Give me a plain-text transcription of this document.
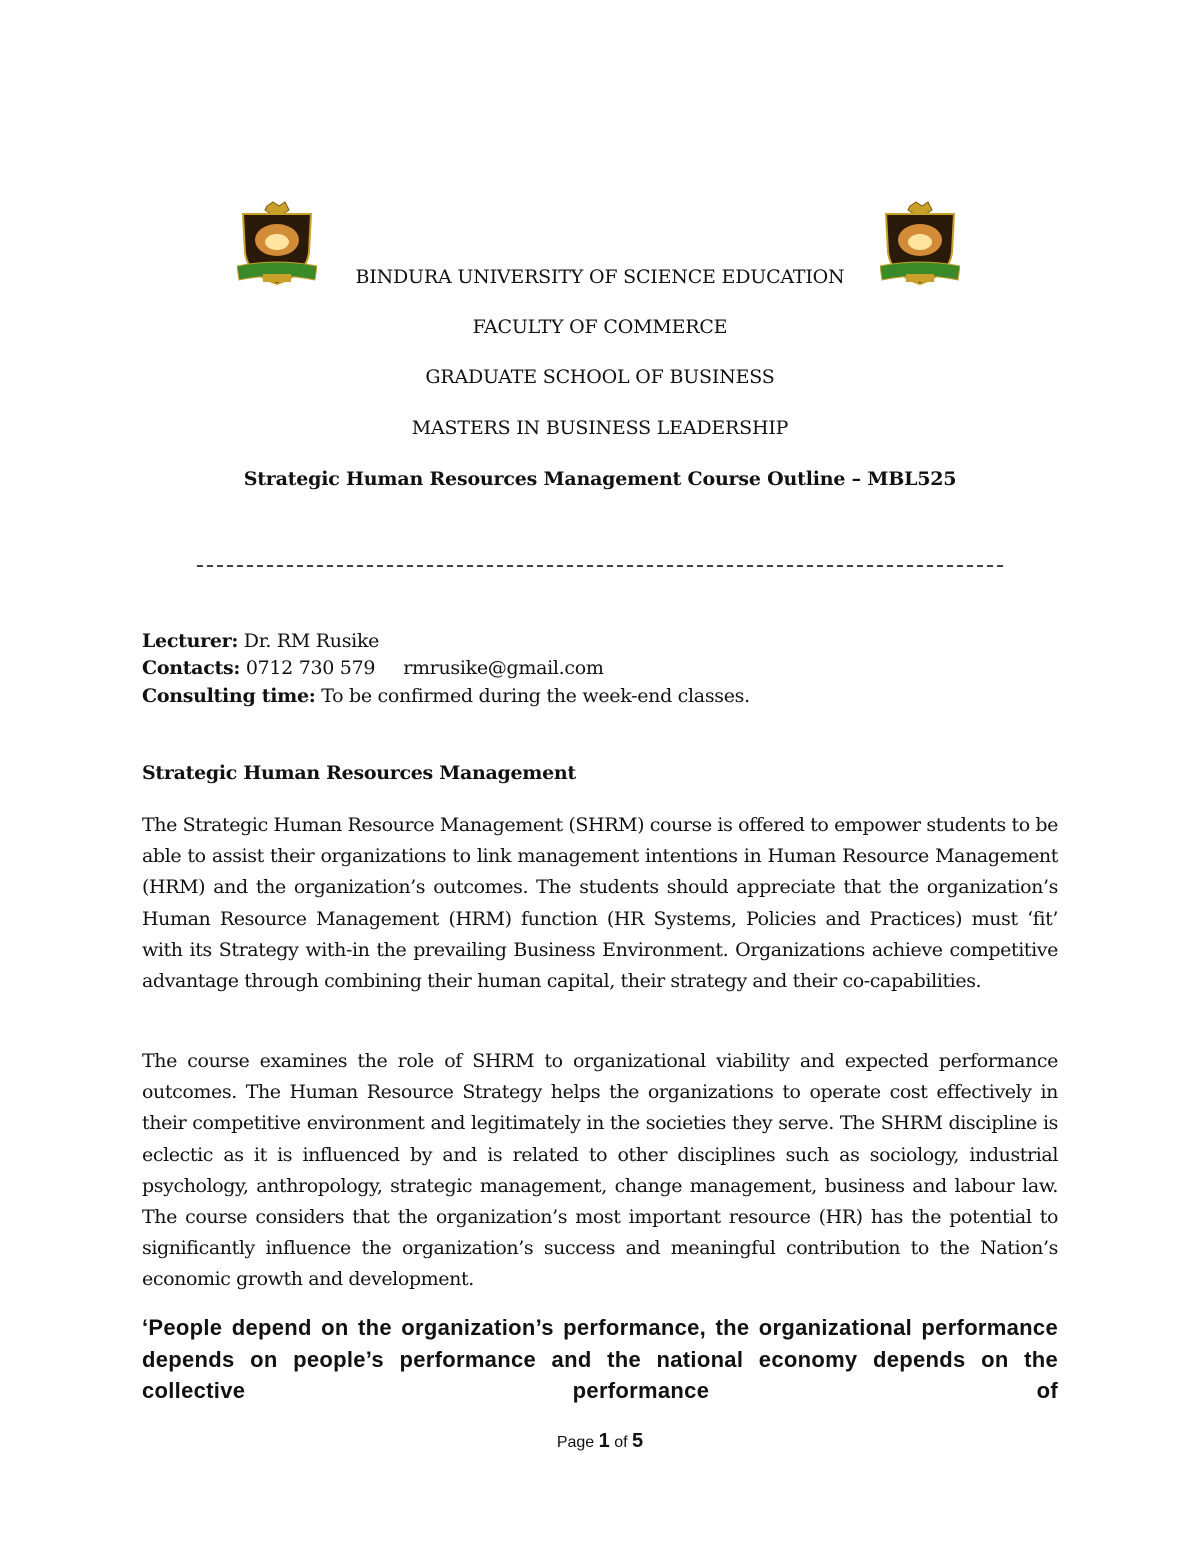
BINDURA UNIVERSITY OF SCIENCE EDUCATION
FACULTY OF COMMERCE
GRADUATE SCHOOL OF BUSINESS
MASTERS IN BUSINESS LEADERSHIP
Strategic Human Resources Management Course Outline – MBL525
Lecturer: Dr. RM Rusike
Contacts: 0712 730 579 rmrusike@gmail.com
Consulting time: To be confirmed during the week-end classes.
Strategic Human Resources Management

The Strategic Human Resource Management (SHRM) course is offered to empower students to be able to assist their organizations to link management intentions in Human Resource Management (HRM) and the organization’s outcomes. The students should appreciate that the organization’s Human Resource Management (HRM) function (HR Systems, Policies and Practices) must ‘fit’ with its Strategy with-in the prevailing Business Environment. Organizations achieve competitive advantage through combining their human capital, their strategy and their co-capabilities.

The course examines the role of SHRM to organizational viability and expected performance outcomes. The Human Resource Strategy helps the organizations to operate cost effectively in their competitive environment and legitimately in the societies they serve. The SHRM discipline is eclectic as it is influenced by and is related to other disciplines such as sociology, industrial psychology, anthropology, strategic management, change management, business and labour law. The course considers that the organization’s most important resource (HR) has the potential to significantly influence the organization’s success and meaningful contribution to the Nation’s economic growth and development.

‘People depend on the organization’s performance, the organizational performance depends on people’s performance and the national economy depends on the collective performance of

Page 1 of 5
